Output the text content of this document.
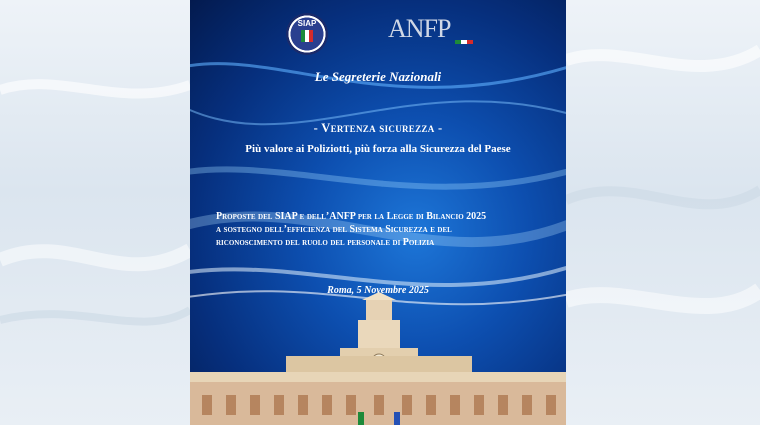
SIAP	ANFP
Le Segreterie Nazionali
- Vertenza sicurezza -
Più valore ai Poliziotti, più forza alla Sicurezza del Paese
Proposte del SIAP e dell’ANFP per la Legge di Bilancio 2025
a sostegno dell’efficienza del Sistema Sicurezza e del
riconoscimento del ruolo del personale di Polizia
Roma, 5 Novembre 2025
